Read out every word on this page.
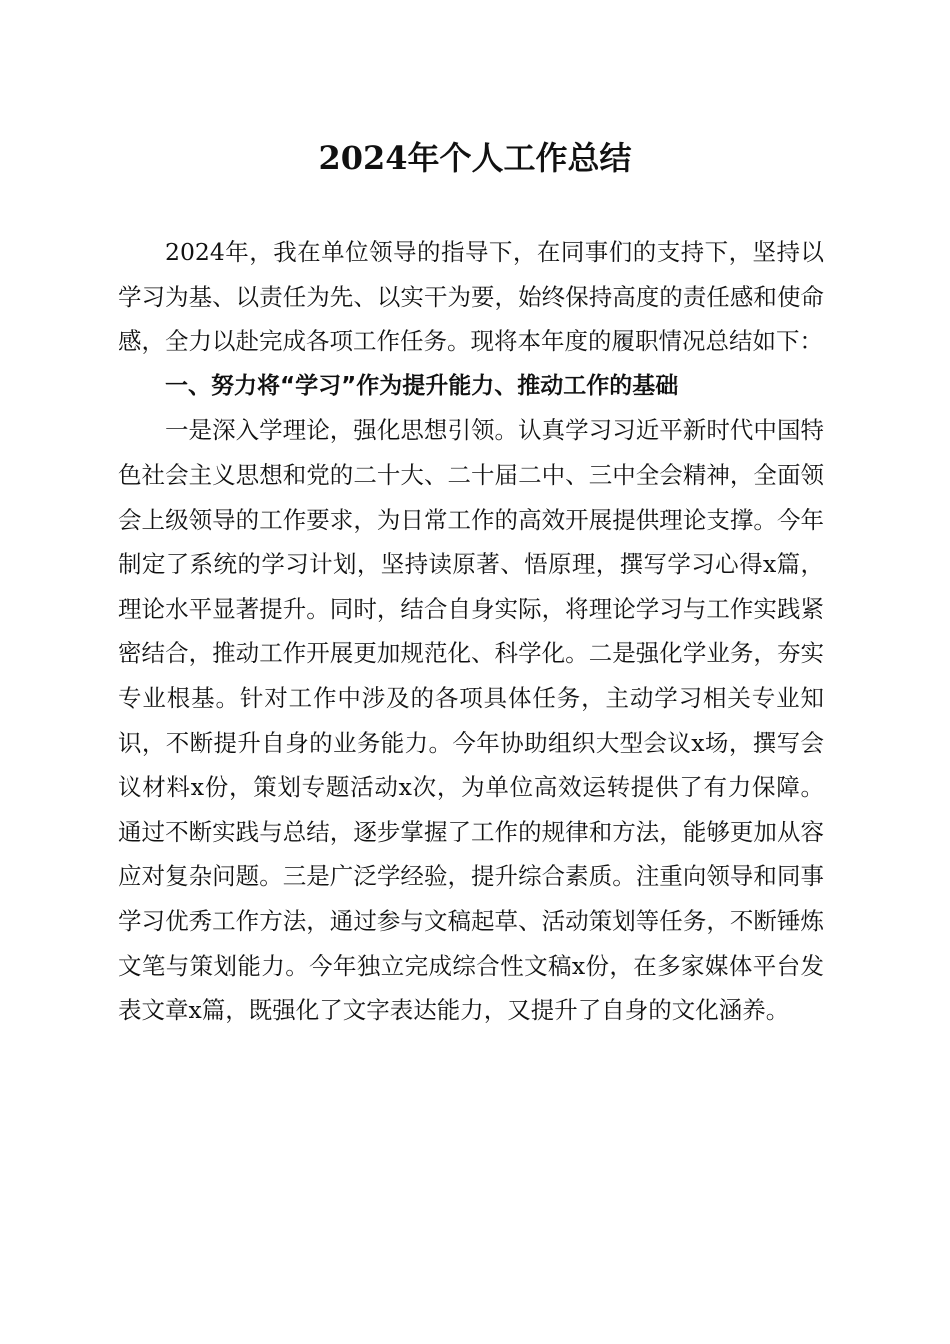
2024年个人工作总结

2024年，我在单位领导的指导下，在同事们的支持下，坚持以学习为基、以责任为先、以实干为要，始终保持高度的责任感和使命感，全力以赴完成各项工作任务。现将本年度的履职情况总结如下：

一、努力将“学习”作为提升能力、推动工作的基础

一是深入学理论，强化思想引领。认真学习习近平新时代中国特色社会主义思想和党的二十大、二十届二中、三中全会精神，全面领会上级领导的工作要求，为日常工作的高效开展提供理论支撑。今年制定了系统的学习计划，坚持读原著、悟原理，撰写学习心得x篇，理论水平显著提升。同时，结合自身实际，将理论学习与工作实践紧密结合，推动工作开展更加规范化、科学化。二是强化学业务，夯实专业根基。针对工作中涉及的各项具体任务，主动学习相关专业知识，不断提升自身的业务能力。今年协助组织大型会议x场，撰写会议材料x份，策划专题活动x次，为单位高效运转提供了有力保障。通过不断实践与总结，逐步掌握了工作的规律和方法，能够更加从容应对复杂问题。三是广泛学经验，提升综合素质。注重向领导和同事学习优秀工作方法，通过参与文稿起草、活动策划等任务，不断锤炼文笔与策划能力。今年独立完成综合性文稿x份，在多家媒体平台发表文章x篇，既强化了文字表达能力，又提升了自身的文化涵养。
